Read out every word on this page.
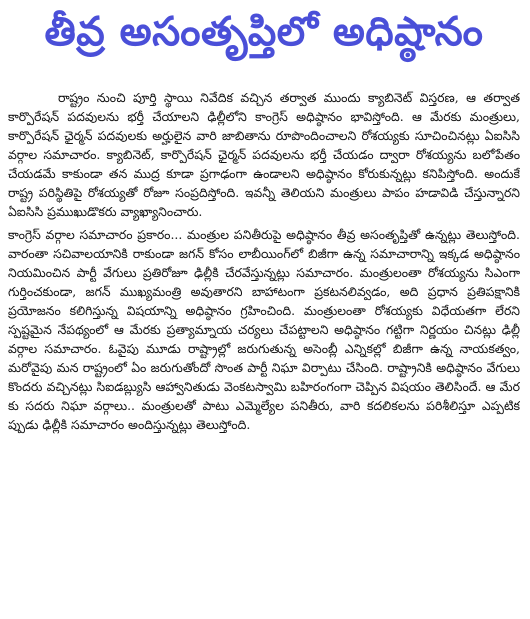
తీవ్ర అసంతృప్తిలో అధిష్ఠానం

రాష్ట్రం నుంచి పూర్తి స్థాయి నివేదిక వచ్చిన తర్వాత ముందు క్యాబినెట్ విస్తరణ, ఆ తర్వాత కార్పొరేషన్ పదవులను భర్తీ చేయాలని ఢిల్లీలోని కాంగ్రెస్ అధిష్ఠానం భావిస్తోంది. ఆ మేరకు మంత్రులు, కార్పొరేషన్ ఛైర్మన్ పదవులకు అర్హులైన వారి జాబితాను రూపొందించాలని రోశయ్యకు సూచించినట్లు ఏఐసిసి వర్గాల సమాచారం. క్యాబినెట్, కార్పొరేషన్ ఛైర్మన్ పదవులను భర్తీ చేయడం ద్వారా రోశయ్యను బలోపేతం చేయడమే కాకుండా తన ముద్ర కూడా ప్రగాఢంగా ఉండాలని అధిష్ఠానం కోరుకున్నట్లు కనిపిస్తోంది. అందుకే రాష్ట్ర పరిస్థితిపై రోశయ్యతో రోజూ సంప్రదిస్తోంది. ఇవన్నీ తెలియని మంత్రులు పాపం హడావిడి చేస్తున్నారని ఏఐసిసి ప్రముఖుడొకరు వ్యాఖ్యానించారు.

కాంగ్రెస్ వర్గాల సమాచారం ప్రకారం... మంత్రుల పనితీరుపై అధిష్ఠానం తీవ్ర అసంతృప్తితో ఉన్నట్లు తెలుస్తోంది. వారంతా సచివాలయానికి రాకుండా జగన్ కోసం లాబీయింగ్‌లో బిజీగా ఉన్న సమాచారాన్ని ఇక్కడ అధిష్ఠానం నియమించిన పార్టీ వేగులు ప్రతిరోజూ ఢిల్లీకి చేరవేస్తున్నట్లు సమాచారం. మంత్రులంతా రోశయ్యను సిఎంగా గుర్తించకుండా, జగన్ ముఖ్యమంత్రి అవుతారని బాహాటంగా ప్రకటనలివ్వడం, అది ప్రధాన ప్రతిపక్షానికి ప్రయోజనం కలిగిస్తున్న విషయాన్ని అధిష్ఠానం గ్రహించింది. మంత్రులంతా రోశయ్యకు విధేయతగా లేరని స్పష్టమైన నేపథ్యంలో ఆ మేరకు ప్రత్యామ్నాయ చర్యలు చేపట్టాలని అధిష్ఠానం గట్టిగా నిర్ణయం చినట్లు ఢిల్లీ వర్గాల సమాచారం. ఓవైపు మూడు రాష్ట్రాల్లో జరుగుతున్న అసెంబ్లీ ఎన్నికల్లో బిజీగా ఉన్న నాయకత్వం, మరోవైపు మన రాష్ట్రంలో ఏం జరుగుతోందో సొంత పార్టీ నిఘా విర్పాటు చేసింది. రాష్ట్రానికి అధిష్ఠానం వేగులు కొందరు వచ్చినట్లు సిఐడబ్ల్యుసి ఆహ్వానితుడు వెంకటస్వామి బహిరంగంగా చెప్పిన విషయం తెలిసిందే. ఆ మేర కు సదరు నిఘా వర్గాలు.. మంత్రులతో పాటు ఎమ్మెల్యేల పనితీరు, వారి కదలికలను పరిశీలిస్తూ ఎప్పటిక ప్పుడు ఢిల్లీకి సమాచారం అందిస్తున్నట్లు తెలుస్తోంది.
